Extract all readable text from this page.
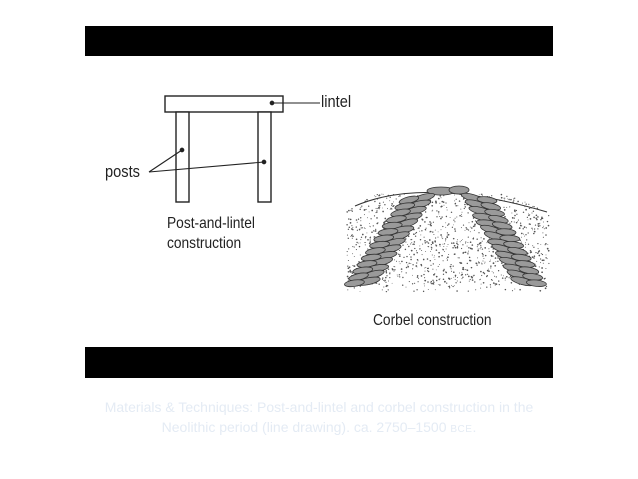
lintel
posts
Post-and-lintel
construction
Corbel construction
Materials & Techniques: Post-and-lintel and corbel construction in the
Neolithic period (line drawing). ca. 2750–1500 BCE.
